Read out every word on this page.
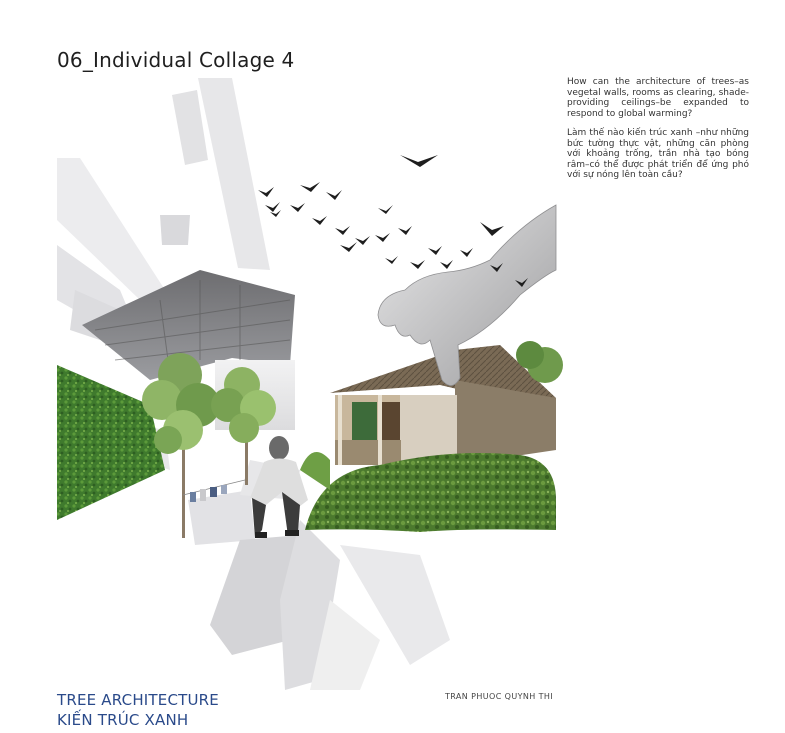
06_Individual Collage 4

How can the architecture of trees–as vegetal walls, rooms as clearing, shade-providing ceilings–be expanded to respond to global warming?

Làm thế nào kiến trúc xanh –như những bức tường thực vật, những căn phòng với khoảng trống, trần nhà tạo bóng râm–có thể được phát triển để ứng phó với sự nóng lên toàn cầu?

TREE ARCHITECTURE
KIẾN TRÚC XANH
TRAN PHUOC QUYNH THI
